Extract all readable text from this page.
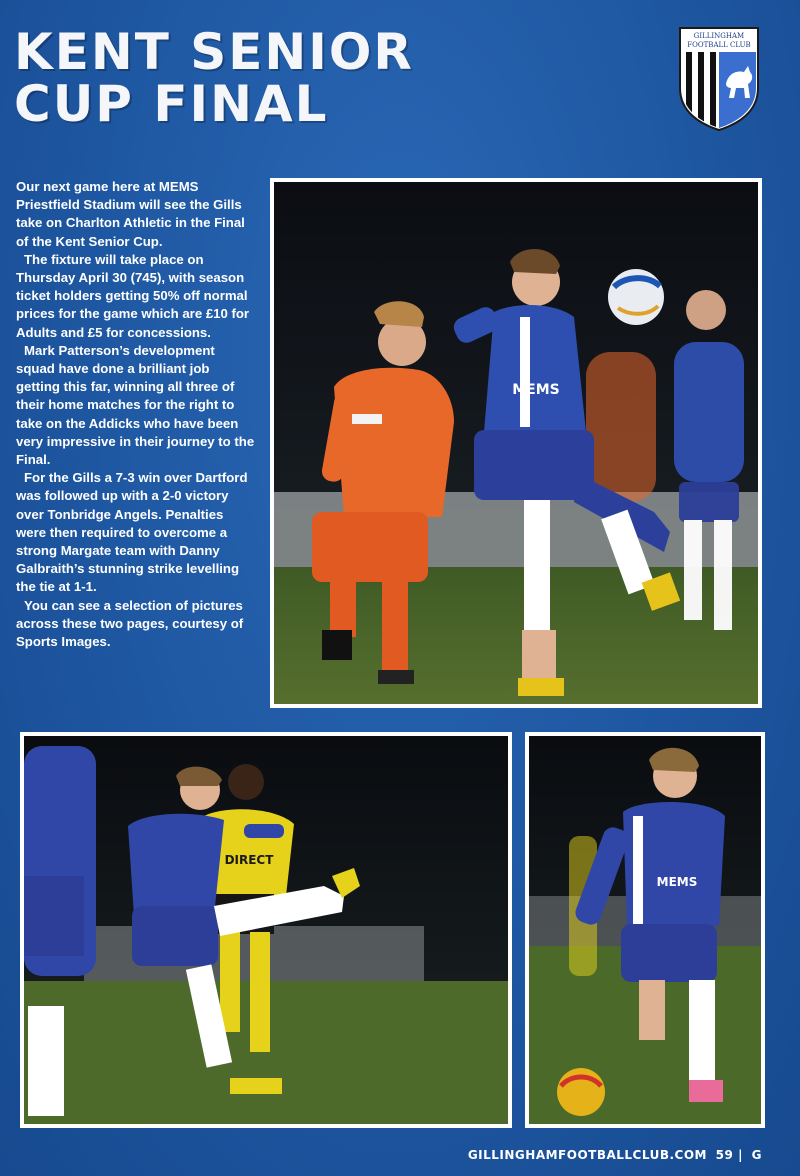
KENT SENIOR
CUP FINAL
GILLINGHAM
FOOTBALL CLUB

Our next game here at MEMS Priestfield Stadium will see the Gills take on Charlton Athletic in the Final of the Kent Senior Cup.

The fixture will take place on Thursday April 30 (745), with season ticket holders getting 50% off normal prices for the game which are £10 for Adults and £5 for concessions.

Mark Patterson’s development squad have done a brilliant job getting this far, winning all three of their home matches for the right to take on the Addicks who have been very impressive in their journey to the Final.

For the Gills a 7-3 win over Dartford was followed up with a 2-0 victory over Tonbridge Angels. Penalties were then required to overcome a strong Margate team with Danny Galbraith’s stunning strike levelling the tie at 1-1.

You can see a selection of pictures across these two pages, courtesy of Sports Images.

MEMS
DIRECT
MEMS
GILLINGHAMFOOTBALLCLUB.COM 59 | G
